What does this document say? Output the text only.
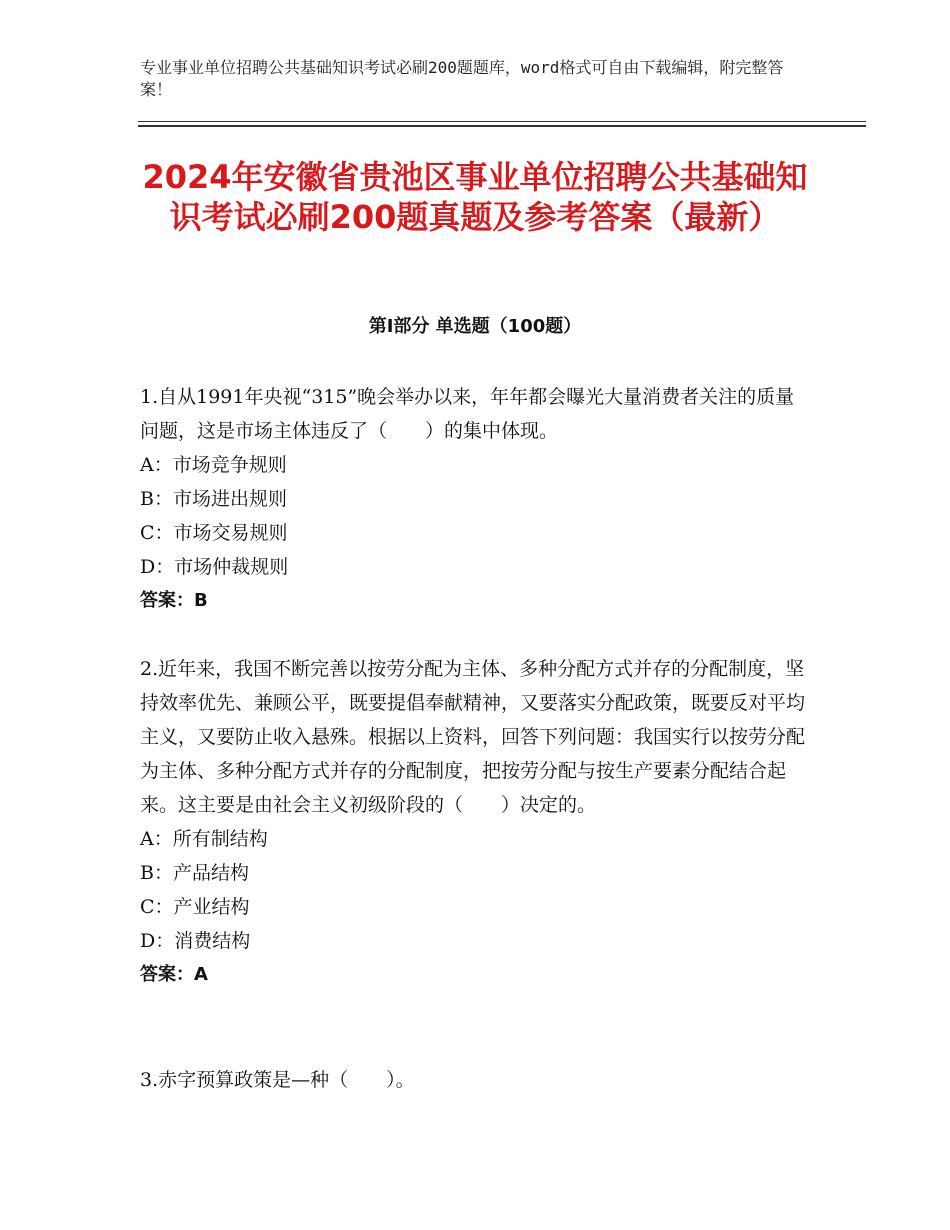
专业事业单位招聘公共基础知识考试必刷200题题库，word格式可自由下载编辑，附完整答案！
2024年安徽省贵池区事业单位招聘公共基础知识考试必刷200题真题及参考答案（最新）
第Ⅰ部分 单选题（100题）

1.自从1991年央视“315”晚会举办以来，年年都会曝光大量消费者关注的质量问题，这是市场主体违反了（　　）的集中体现。

A：市场竞争规则

B：市场进出规则

C：市场交易规则

D：市场仲裁规则

答案：B

2.近年来，我国不断完善以按劳分配为主体、多种分配方式并存的分配制度，坚持效率优先、兼顾公平，既要提倡奉献精神，又要落实分配政策，既要反对平均主义，又要防止收入悬殊。根据以上资料，回答下列问题：我国实行以按劳分配为主体、多种分配方式并存的分配制度，把按劳分配与按生产要素分配结合起来。这主要是由社会主义初级阶段的（　　）决定的。

A：所有制结构

B：产品结构

C：产业结构

D：消费结构

答案：A

3.赤字预算政策是—种（　　）。
